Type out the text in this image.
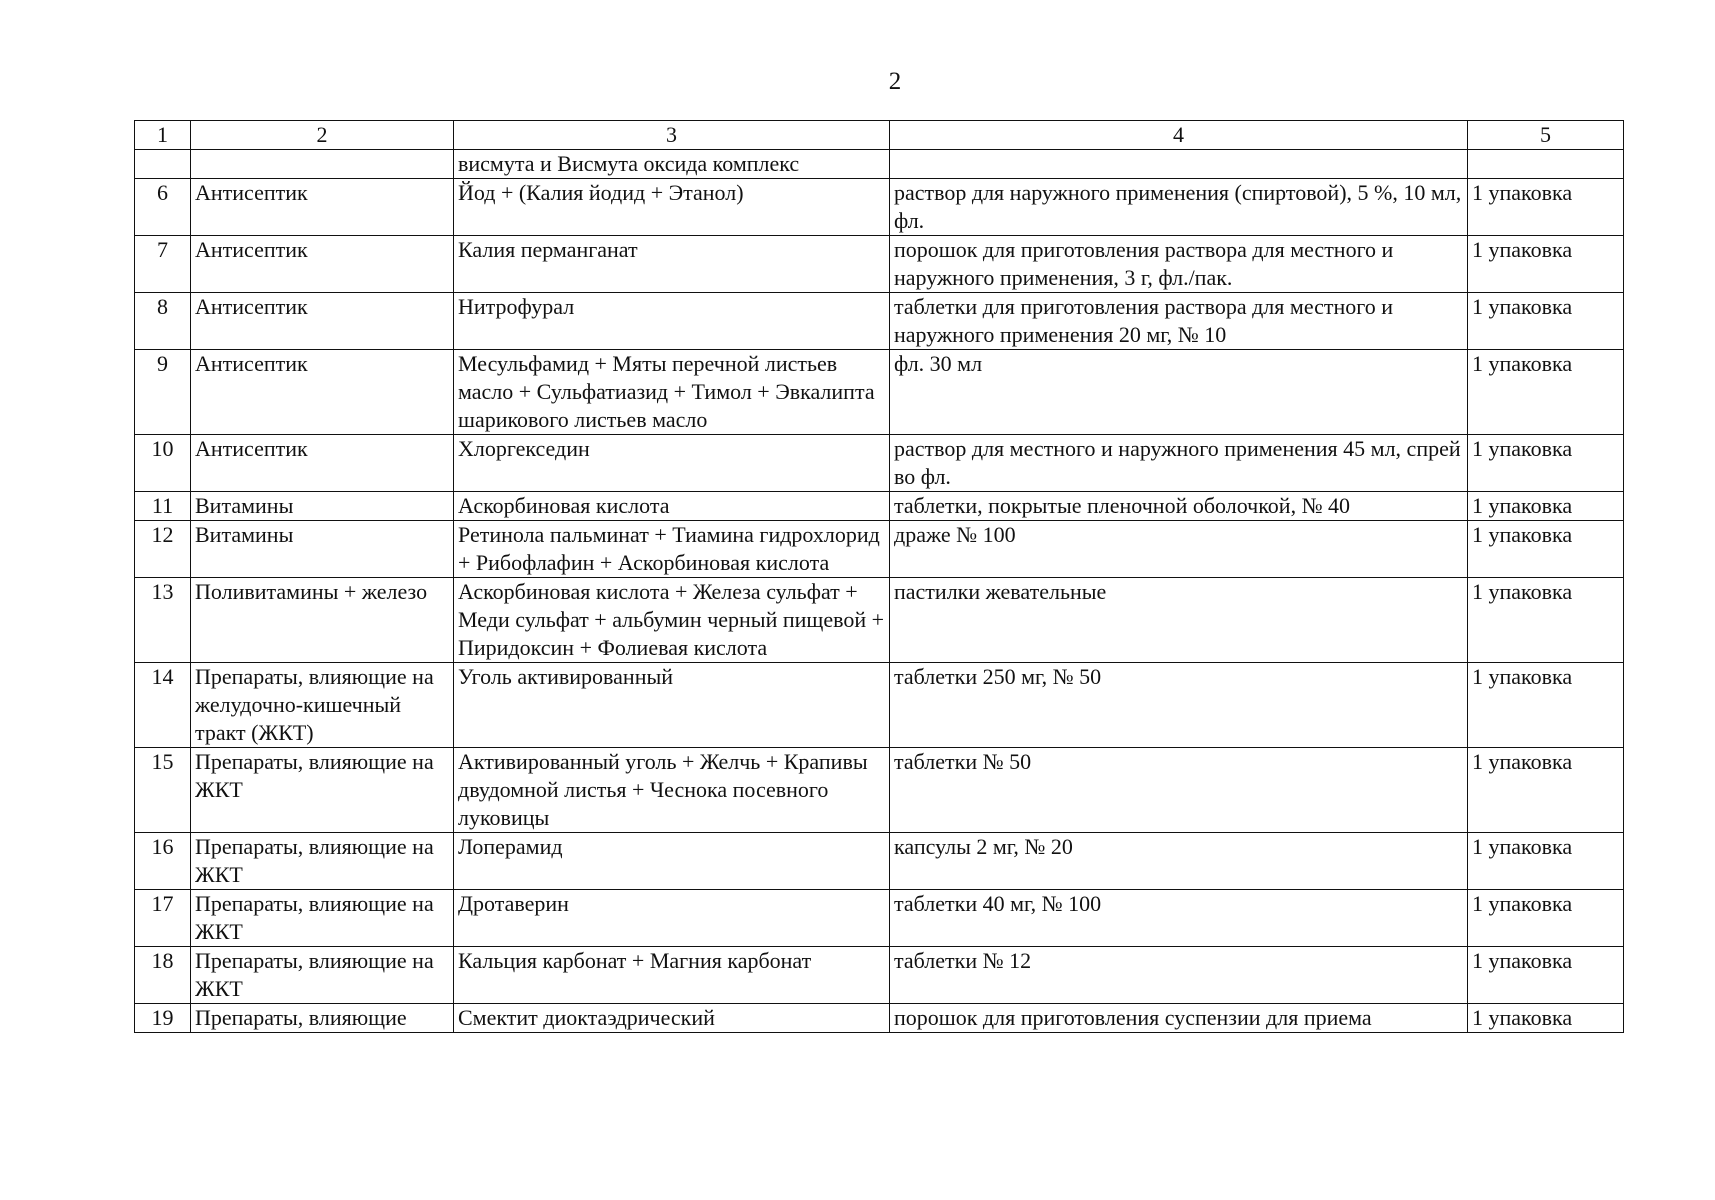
2
1	2	3	4	5
		висмута и Висмута оксида комплекс		
6	Антисептик	Йод + (Калия йодид + Этанол)	раствор для наружного применения (спиртовой), 5 %, 10 мл, фл.	1 упаковка
7	Антисептик	Калия перманганат	порошок для приготовления раствора для местного и наружного применения, 3 г, фл./пак.	1 упаковка
8	Антисептик	Нитрофурал	таблетки для приготовления раствора для местного и наружного применения 20 мг, № 10	1 упаковка
9	Антисептик	Месульфамид + Мяты перечной листьев масло + Сульфатиазид + Тимол + Эвкалипта шарикового листьев масло	фл. 30 мл	1 упаковка
10	Антисептик	Хлоргекседин	раствор для местного и наружного применения 45 мл, спрей во фл.	1 упаковка
11	Витамины	Аскорбиновая кислота	таблетки, покрытые пленочной оболочкой, № 40	1 упаковка
12	Витамины	Ретинола пальминат + Тиамина гидрохлорид + Рибофлафин + Аскорбиновая кислота	драже № 100	1 упаковка
13	Поливитамины + железо	Аскорбиновая кислота + Железа сульфат + Меди сульфат + альбумин черный пищевой + Пиридоксин + Фолиевая кислота	пастилки жевательные	1 упаковка
14	Препараты, влияющие на желудочно-кишечный тракт (ЖКТ)	Уголь активированный	таблетки 250 мг, № 50	1 упаковка
15	Препараты, влияющие на ЖКТ	Активированный уголь + Желчь + Крапивы двудомной листья + Чеснока посевного луковицы	таблетки № 50	1 упаковка
16	Препараты, влияющие на ЖКТ	Лоперамид	капсулы 2 мг, № 20	1 упаковка
17	Препараты, влияющие на ЖКТ	Дротаверин	таблетки 40 мг, № 100	1 упаковка
18	Препараты, влияющие на ЖКТ	Кальция карбонат + Магния карбонат	таблетки № 12	1 упаковка
19	Препараты, влияющие	Смектит диоктаэдрический	порошок для приготовления суспензии для приема	1 упаковка
